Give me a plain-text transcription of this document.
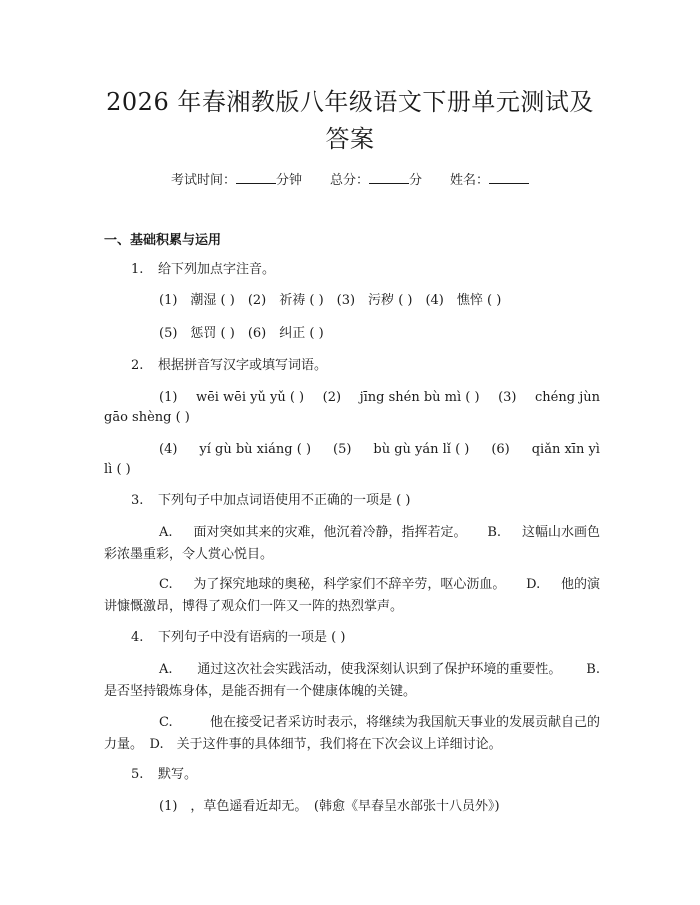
2026 年春湘教版八年级语文下册单元测试及
答案
考试时间：	分钟 总分：	分 姓名：
一、基础积累与运用
1. 给下列加点字注音。
(1)　潮湿 ( )　(2)　祈祷 ( )　(3)　污秽 ( )　(4)　憔悴 ( )
(5)　惩罚 ( )　(6)　纠正 ( )
2. 根据拼音写汉字或填写词语。
(1) wēi wēi yǔ yǔ ( ) (2) jīng shén bù mì ( ) (3) chéng jùn
gāo shèng ( )
(4) yí gù bù xiáng ( ) (5) bù gù yán lǐ ( ) (6) qiǎn xīn yì
lì ( )
3. 下列句子中加点词语使用不正确的一项是 ( )
A. 面对突如其来的灾难，他沉着冷静，指挥若定。 B. 这幅山水画色
彩浓墨重彩，令人赏心悦目。
C. 为了探究地球的奥秘，科学家们不辞辛劳，呕心沥血。 D. 他的演
讲慷慨激昂，博得了观众们一阵又一阵的热烈掌声。
4. 下列句子中没有语病的一项是 ( )
A. 通过这次社会实践活动，使我深刻认识到了保护环境的重要性。 B.
是否坚持锻炼身体，是能否拥有一个健康体魄的关键。
C.	他在接受记者采访时表示，将继续为我国航天事业的发展贡献自己的
力量。　D.　关于这件事的具体细节，我们将在下次会议上详细讨论。
5. 默写。
(1)　，草色遥看近却无。　(韩愈《早春呈水部张十八员外》)
